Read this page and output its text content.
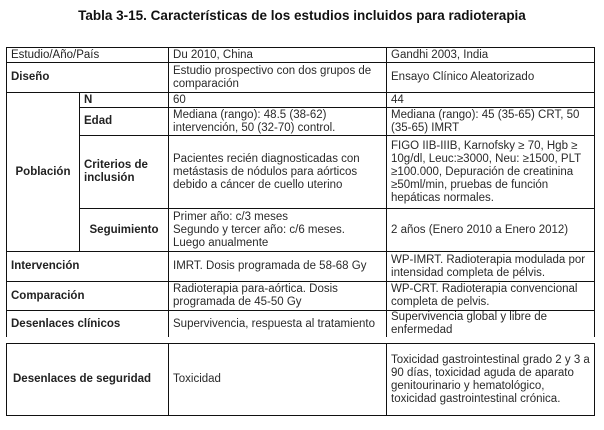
Tabla 3-15. Características de los estudios incluidos para radioterapia
Estudio/Año/País		Du 2010, China	Gandhi 2003, India
Diseño		Estudio prospectivo con dos grupos de comparación	Ensayo Clínico Aleatorizado
Población	N	60	44
	Edad	Mediana (rango): 48.5 (38-62) intervención, 50 (32-70) control.	Mediana (rango): 45 (35-65) CRT, 50 (35-65) IMRT
	Criterios de inclusión	Pacientes recién diagnosticadas con metástasis de nódulos para aórticos debido a cáncer de cuello uterino	FIGO IIB-IIIB, Karnofsky ≥ 70, Hgb ≥ 10g/dl, Leuc:≥3000, Neu: ≥1500, PLT ≥100.000, Depuración de creatinina ≥50ml/min, pruebas de función hepáticas normales.
	Seguimiento	Primer año: c/3 meses
Segundo y tercer año: c/6 meses.
Luego anualmente	2 años (Enero 2010 a Enero 2012)
Intervención		IMRT. Dosis programada de 58-68 Gy	WP-IMRT. Radioterapia modulada por intensidad completa de pélvis.
Comparación		Radioterapia para-aórtica. Dosis programada de 45-50 Gy	WP-CRT. Radioterapia convencional completa de pelvis.
Desenlaces clínicos		Supervivencia, respuesta al tratamiento	Supervivencia global y libre de enfermedad
Desenlaces de seguridad	Toxicidad	Toxicidad gastrointestinal grado 2 y 3 a 90 días, toxicidad aguda de aparato genitourinario y hematológico, toxicidad gastrointestinal crónica.
